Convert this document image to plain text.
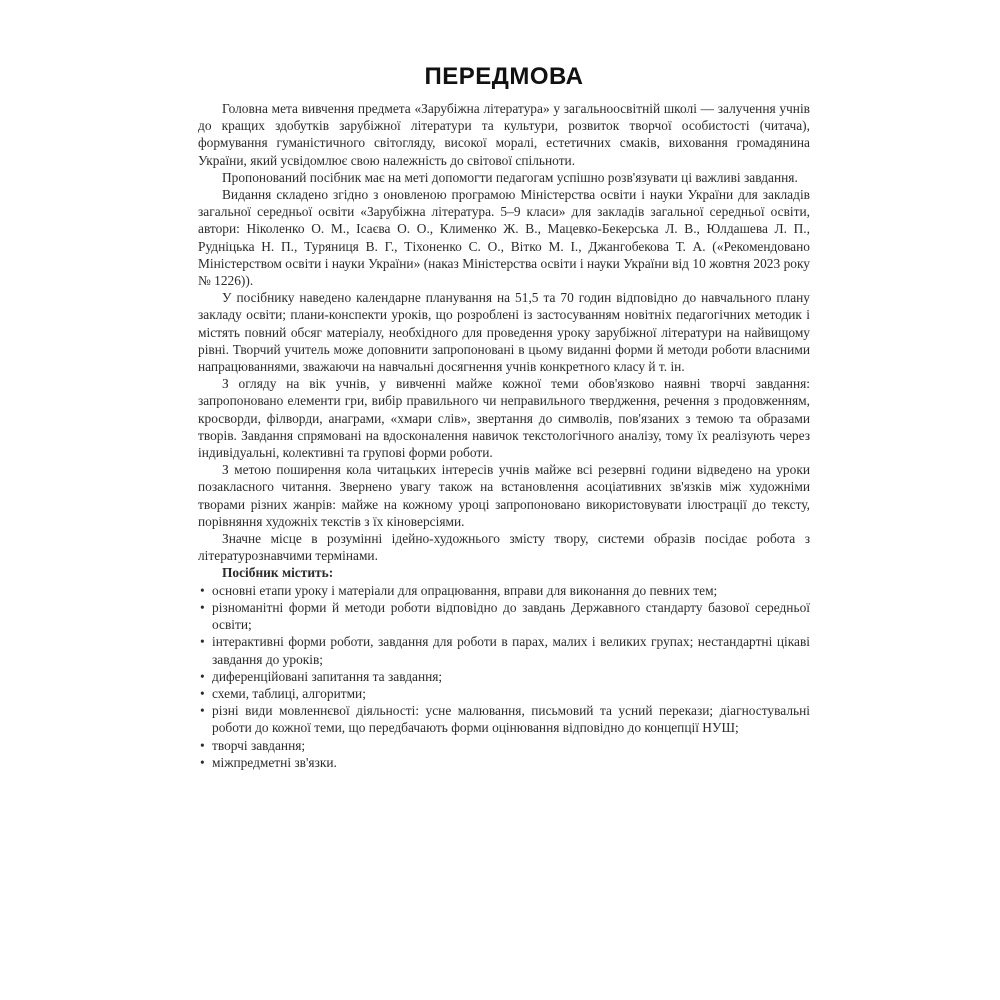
ПЕРЕДМОВА

Головна мета вивчення предмета «Зарубіжна література» у загальноосвітній школі — залучення учнів до кращих здобутків зарубіжної літератури та культури, розвиток творчої особистості (читача), формування гуманістичного світогляду, високої моралі, естетичних смаків, виховання громадянина України, який усвідомлює свою належність до світової спільноти.

Пропонований посібник має на меті допомогти педагогам успішно розв'язувати ці важливі завдання.

Видання складено згідно з оновленою програмою Міністерства освіти і науки України для закладів загальної середньої освіти «Зарубіжна література. 5–9 класи» для закладів загальної середньої освіти, автори: Ніколенко О. М., Ісаєва О. О., Клименко Ж. В., Мацевко-Бекерська Л. В., Юлдашева Л. П., Рудніцька Н. П., Туряниця В. Г., Тіхоненко С. О., Вітко М. І., Джангобекова Т. А. («Рекомендовано Міністерством освіти і науки України» (наказ Міністерства освіти і науки України від 10 жовтня 2023 року № 1226)).

У посібнику наведено календарне планування на 51,5 та 70 годин відповідно до навчального плану закладу освіти; плани-конспекти уроків, що розроблені із застосуванням новітніх педагогічних методик і містять повний обсяг матеріалу, необхідного для проведення уроку зарубіжної літератури на найвищому рівні. Творчий учитель може доповнити запропоновані в цьому виданні форми й методи роботи власними напрацюваннями, зважаючи на навчальні досягнення учнів конкретного класу й т. ін.

З огляду на вік учнів, у вивченні майже кожної теми обов'язково наявні творчі завдання: запропоновано елементи гри, вибір правильного чи неправильного твердження, речення з продовженням, кросворди, філворди, анаграми, «хмари слів», звертання до символів, пов'язаних з темою та образами творів. Завдання спрямовані на вдосконалення навичок текстологічного аналізу, тому їх реалізують через індивідуальні, колективні та групові форми роботи.

З метою поширення кола читацьких інтересів учнів майже всі резервні години відведено на уроки позакласного читання. Звернено увагу також на встановлення асоціативних зв'язків між художніми творами різних жанрів: майже на кожному уроці запропоновано використовувати ілюстрації до тексту, порівняння художніх текстів з їх кіноверсіями.

Значне місце в розумінні ідейно-художнього змісту твору, системи образів посідає робота з літературознавчими термінами.

Посібник містить:

• основні етапи уроку і матеріали для опрацювання, вправи для виконання до певних тем;
• різноманітні форми й методи роботи відповідно до завдань Державного стандарту базової середньої освіти;
• інтерактивні форми роботи, завдання для роботи в парах, малих і великих групах; нестандартні цікаві завдання до уроків;
• диференційовані запитання та завдання;
• схеми, таблиці, алгоритми;
• різні види мовленнєвої діяльності: усне малювання, письмовий та усний перекази; діагностувальні роботи до кожної теми, що передбачають форми оцінювання відповідно до концепції НУШ;
• творчі завдання;
• міжпредметні зв'язки.
